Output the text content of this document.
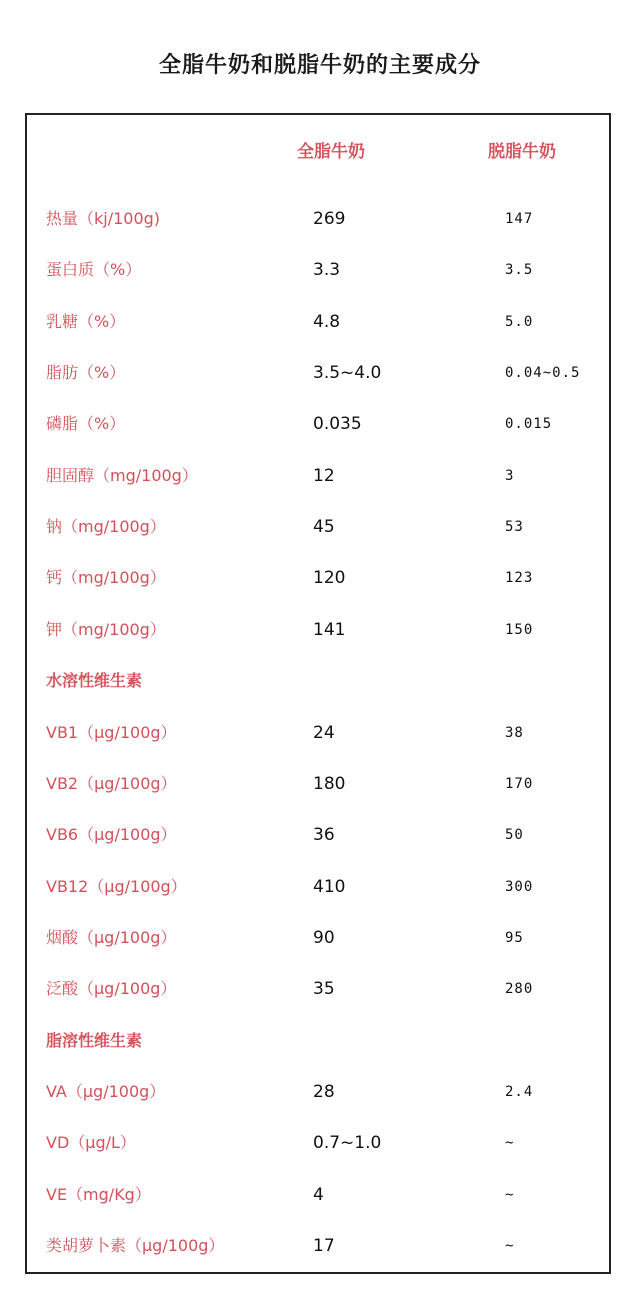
全脂牛奶和脱脂牛奶的主要成分
全脂牛奶	脱脂牛奶
热量（kj/100g)	269	147
蛋白质（%）	3.3	3.5
乳糖（%）	4.8	5.0
脂肪（%）	3.5~4.0	0.04~0.5
磷脂（%）	0.035	0.015
胆固醇（mg/100g）	12	3
钠（mg/100g）	45	53
钙（mg/100g）	120	123
钾（mg/100g）	141	150
水溶性维生素
VB1（μg/100g）	24	38
VB2（μg/100g）	180	170
VB6（μg/100g）	36	50
VB12（μg/100g）	410	300
烟酸（μg/100g）	90	95
泛酸（μg/100g）	35	280
脂溶性维生素
VA（μg/100g）	28	2.4
VD（μg/L）	0.7~1.0	~
VE（mg/Kg）	4	~
类胡萝卜素（μg/100g）	17	~
